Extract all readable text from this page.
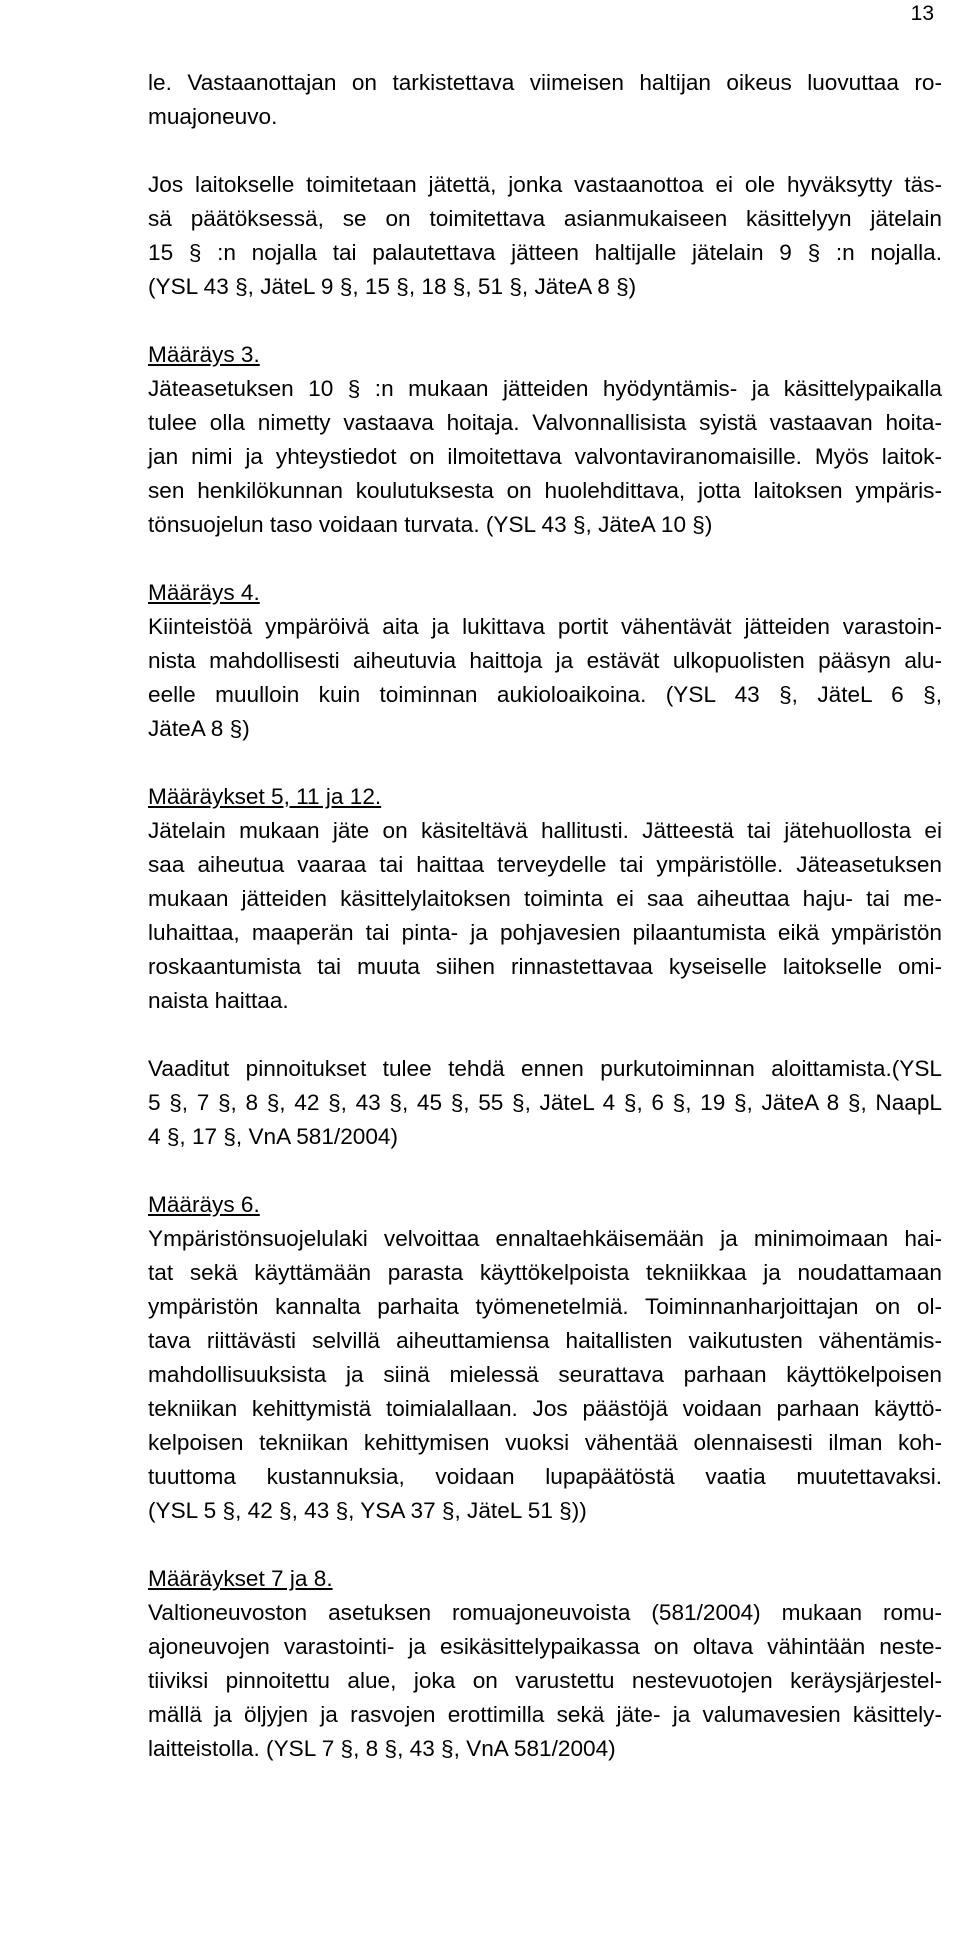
13
le. Vastaanottajan on tarkistettava viimeisen haltijan oikeus luovuttaa ro-
muajoneuvo.
Jos laitokselle toimitetaan jätettä, jonka vastaanottoa ei ole hyväksytty täs-
sä päätöksessä, se on toimitettava asianmukaiseen käsittelyyn jätelain
15 § :n nojalla tai palautettava jätteen haltijalle jätelain 9 § :n nojalla.
(YSL 43 §, JäteL 9 §, 15 §, 18 §, 51 §, JäteA 8 §)
Määräys 3.
Jäteasetuksen 10 § :n mukaan jätteiden hyödyntämis- ja käsittelypaikalla
tulee olla nimetty vastaava hoitaja. Valvonnallisista syistä vastaavan hoita-
jan nimi ja yhteystiedot on ilmoitettava valvontaviranomaisille. Myös laitok-
sen henkilökunnan koulutuksesta on huolehdittava, jotta laitoksen ympäris-
tönsuojelun taso voidaan turvata. (YSL 43 §, JäteA 10 §)
Määräys 4.
Kiinteistöä ympäröivä aita ja lukittava portit vähentävät jätteiden varastoin-
nista mahdollisesti aiheutuvia haittoja ja estävät ulkopuolisten pääsyn alu-
eelle muulloin kuin toiminnan aukioloaikoina. (YSL 43 §, JäteL 6 §,
JäteA 8 §)
Määräykset 5, 11 ja 12.
Jätelain mukaan jäte on käsiteltävä hallitusti. Jätteestä tai jätehuollosta ei
saa aiheutua vaaraa tai haittaa terveydelle tai ympäristölle. Jäteasetuksen
mukaan jätteiden käsittelylaitoksen toiminta ei saa aiheuttaa haju- tai me-
luhaittaa, maaperän tai pinta- ja pohjavesien pilaantumista eikä ympäristön
roskaantumista tai muuta siihen rinnastettavaa kyseiselle laitokselle omi-
naista haittaa.
Vaaditut pinnoitukset tulee tehdä ennen purkutoiminnan aloittamista.(YSL
5 §, 7 §, 8 §, 42 §, 43 §, 45 §, 55 §, JäteL 4 §, 6 §, 19 §, JäteA 8 §, NaapL
4 §, 17 §, VnA 581/2004)
Määräys 6.
Ympäristönsuojelulaki velvoittaa ennaltaehkäisemään ja minimoimaan hai-
tat sekä käyttämään parasta käyttökelpoista tekniikkaa ja noudattamaan
ympäristön kannalta parhaita työmenetelmiä. Toiminnanharjoittajan on ol-
tava riittävästi selvillä aiheuttamiensa haitallisten vaikutusten vähentämis-
mahdollisuuksista ja siinä mielessä seurattava parhaan käyttökelpoisen
tekniikan kehittymistä toimialallaan. Jos päästöjä voidaan parhaan käyttö-
kelpoisen tekniikan kehittymisen vuoksi vähentää olennaisesti ilman koh-
tuuttoma kustannuksia, voidaan lupapäätöstä vaatia muutettavaksi.
(YSL 5 §, 42 §, 43 §, YSA 37 §, JäteL 51 §))
Määräykset 7 ja 8.
Valtioneuvoston asetuksen romuajoneuvoista (581/2004) mukaan romu-
ajoneuvojen varastointi- ja esikäsittelypaikassa on oltava vähintään neste-
tiiviksi pinnoitettu alue, joka on varustettu nestevuotojen keräysjärjestel-
mällä ja öljyjen ja rasvojen erottimilla sekä jäte- ja valumavesien käsittely-
laitteistolla. (YSL 7 §, 8 §, 43 §, VnA 581/2004)
